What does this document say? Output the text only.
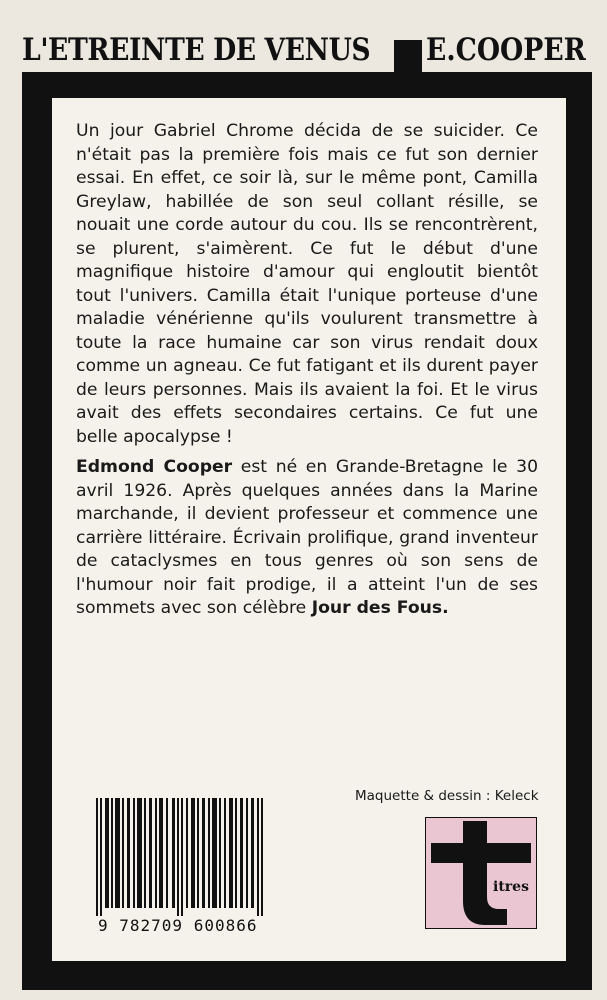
L'ETREINTE DE VENUS E.COOPER

Un jour Gabriel Chrome décida de se suicider. Ce n'était pas la première fois mais ce fut son dernier essai. En effet, ce soir là, sur le même pont, Camilla Greylaw, habillée de son seul collant résille, se nouait une corde autour du cou. Ils se rencontrèrent, se plurent, s'aimèrent. Ce fut le début d'une magnifique histoire d'amour qui engloutit bientôt tout l'univers. Camilla était l'unique porteuse d'une maladie vénérienne qu'ils voulurent transmettre à toute la race humaine car son virus rendait doux comme un agneau. Ce fut fatigant et ils durent payer de leurs personnes. Mais ils avaient la foi. Et le virus avait des effets secondaires certains. Ce fut une belle apocalypse !

Edmond Cooper est né en Grande-Bretagne le 30 avril 1926. Après quelques années dans la Marine marchande, il devient professeur et commence une carrière littéraire. Écrivain prolifique, grand inventeur de cataclysmes en tous genres où son sens de l'humour noir fait prodige, il a atteint l'un de ses sommets avec son célèbre Jour des Fous.

Maquette & dessin : Keleck
9 782709 600866
itres
